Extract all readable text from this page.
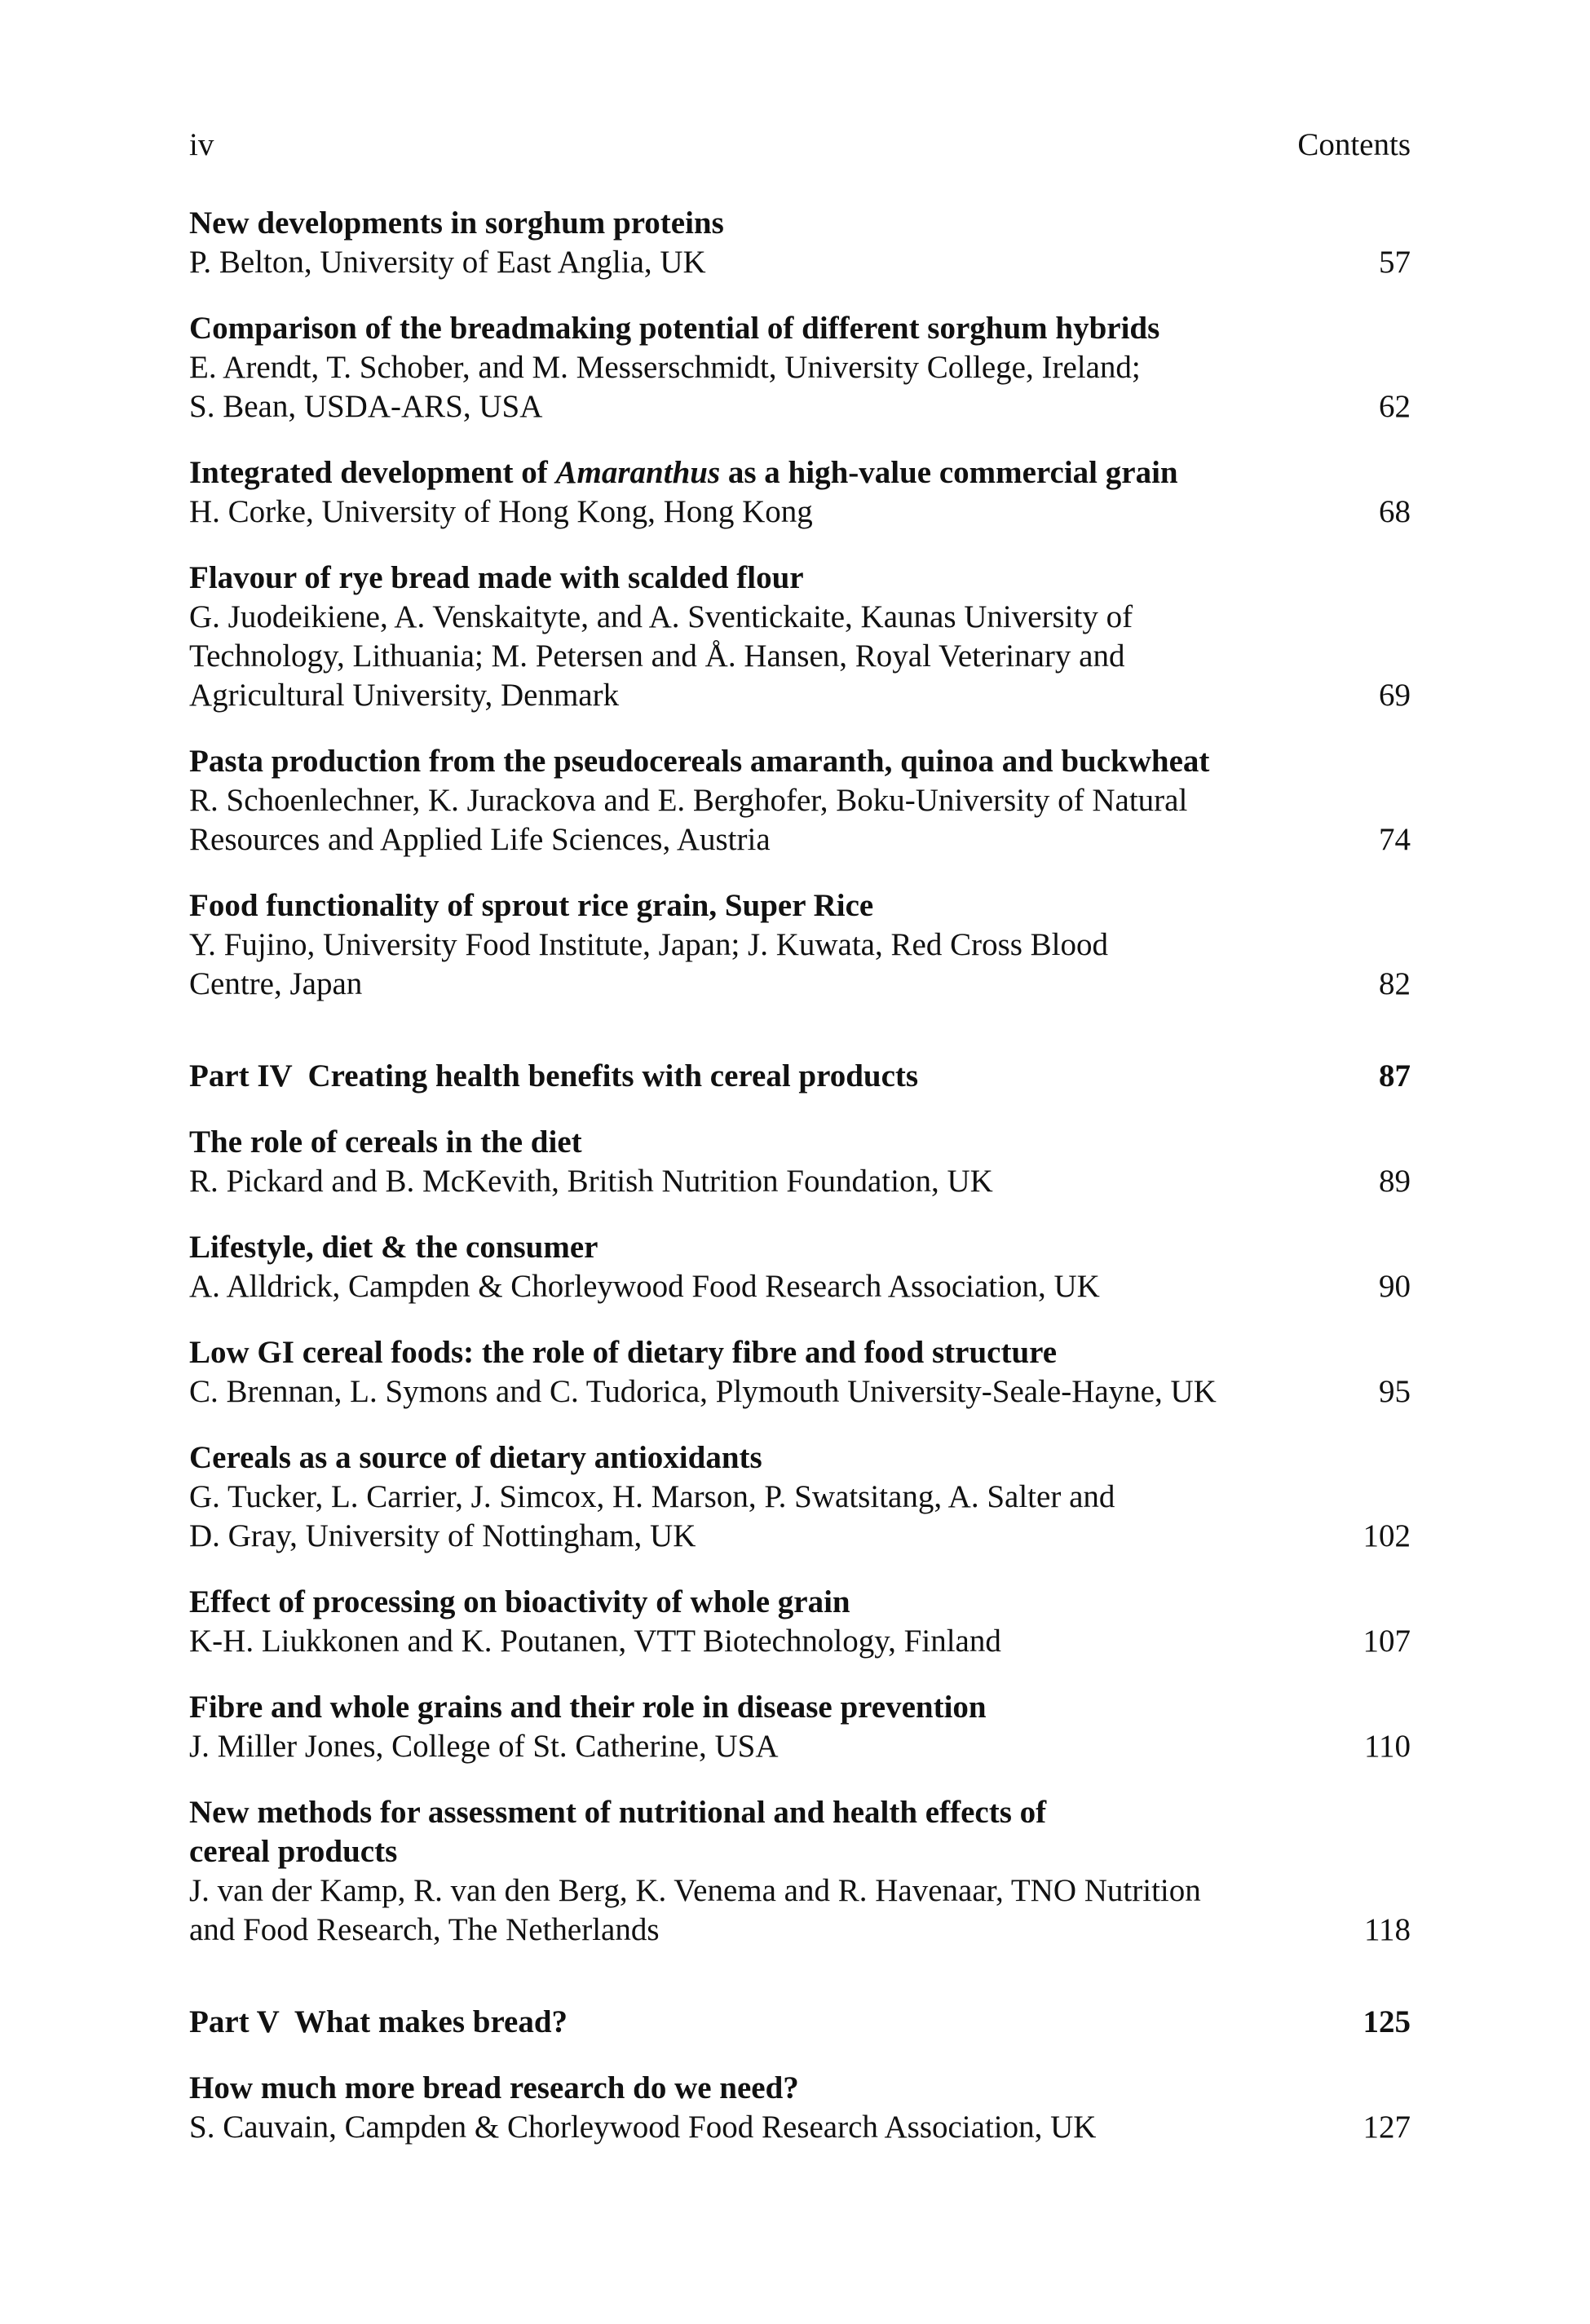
iv	Contents
New developments in sorghum proteins
P. Belton, University of East Anglia, UK	57
Comparison of the breadmaking potential of different sorghum hybrids
E. Arendt, T. Schober, and M. Messerschmidt, University College, Ireland;
S. Bean, USDA-ARS, USA	62
Integrated development of Amaranthus as a high-value commercial grain
H. Corke, University of Hong Kong, Hong Kong	68
Flavour of rye bread made with scalded flour
G. Juodeikiene, A. Venskaityte, and A. Sventickaite, Kaunas University of
Technology, Lithuania; M. Petersen and Å. Hansen, Royal Veterinary and
Agricultural University, Denmark	69
Pasta production from the pseudocereals amaranth, quinoa and buckwheat
R. Schoenlechner, K. Jurackova and E. Berghofer, Boku-University of Natural
Resources and Applied Life Sciences, Austria	74
Food functionality of sprout rice grain, Super Rice
Y. Fujino, University Food Institute, Japan; J. Kuwata, Red Cross Blood
Centre, Japan	82
Part IV  Creating health benefits with cereal products	87
The role of cereals in the diet
R. Pickard and B. McKevith, British Nutrition Foundation, UK	89
Lifestyle, diet & the consumer
A. Alldrick, Campden & Chorleywood Food Research Association, UK	90
Low GI cereal foods: the role of dietary fibre and food structure
C. Brennan, L. Symons and C. Tudorica, Plymouth University-Seale-Hayne, UK	95
Cereals as a source of dietary antioxidants
G. Tucker, L. Carrier, J. Simcox, H. Marson, P. Swatsitang, A. Salter and
D. Gray, University of Nottingham, UK	102
Effect of processing on bioactivity of whole grain
K-H. Liukkonen and K. Poutanen, VTT Biotechnology, Finland	107
Fibre and whole grains and their role in disease prevention
J. Miller Jones, College of St. Catherine, USA	110
New methods for assessment of nutritional and health effects of
cereal products
J. van der Kamp, R. van den Berg, K. Venema and R. Havenaar, TNO Nutrition
and Food Research, The Netherlands	118
Part V  What makes bread?	125
How much more bread research do we need?
S. Cauvain, Campden & Chorleywood Food Research Association, UK	127
